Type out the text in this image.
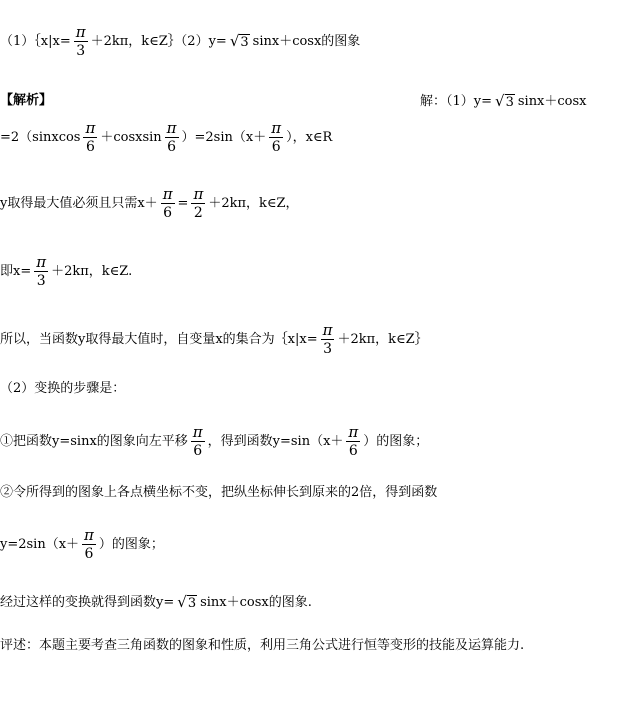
（1）｛x|x= $\frac{\pi}{3} +2k\pi$，k∈Z｝（2）y= √3 sinx＋cosx的图象
【解析】	解：（1）y= √3 sinx＋cosx
=2（sinxcos $\frac{\pi}{6}$ ＋cosxsin $\frac{\pi}{6} )=2\sin(x+ \frac{\pi}{6}$ ），x∈R
y取得最大值必须且只需$x+ \frac{\pi}{6} = \frac{\pi}{2} +2k\pi$，k∈Z，
即$x= \frac{\pi}{3} +2k\pi$，k∈Z.
所以，当函数y取得最大值时，自变量x的集合为｛x|x= $\frac{\pi}{3} +2k\pi$，k∈Z｝
（2）变换的步骤是：
①把函数y=sinx的图象向左平移 $\frac{\pi}{6}$ ，得到函数$y=\sin(x+ \frac{\pi}{6}$ ）的图象；
②令所得到的图象上各点横坐标不变，把纵坐标伸长到原来的2倍，得到函数
$y=2\sin(x+ \frac{\pi}{6}$ ）的图象；
经过这样的变换就得到函数y= √3 sinx＋cosx的图象.
评述：本题主要考查三角函数的图象和性质，利用三角公式进行恒等变形的技能及运算能力.
